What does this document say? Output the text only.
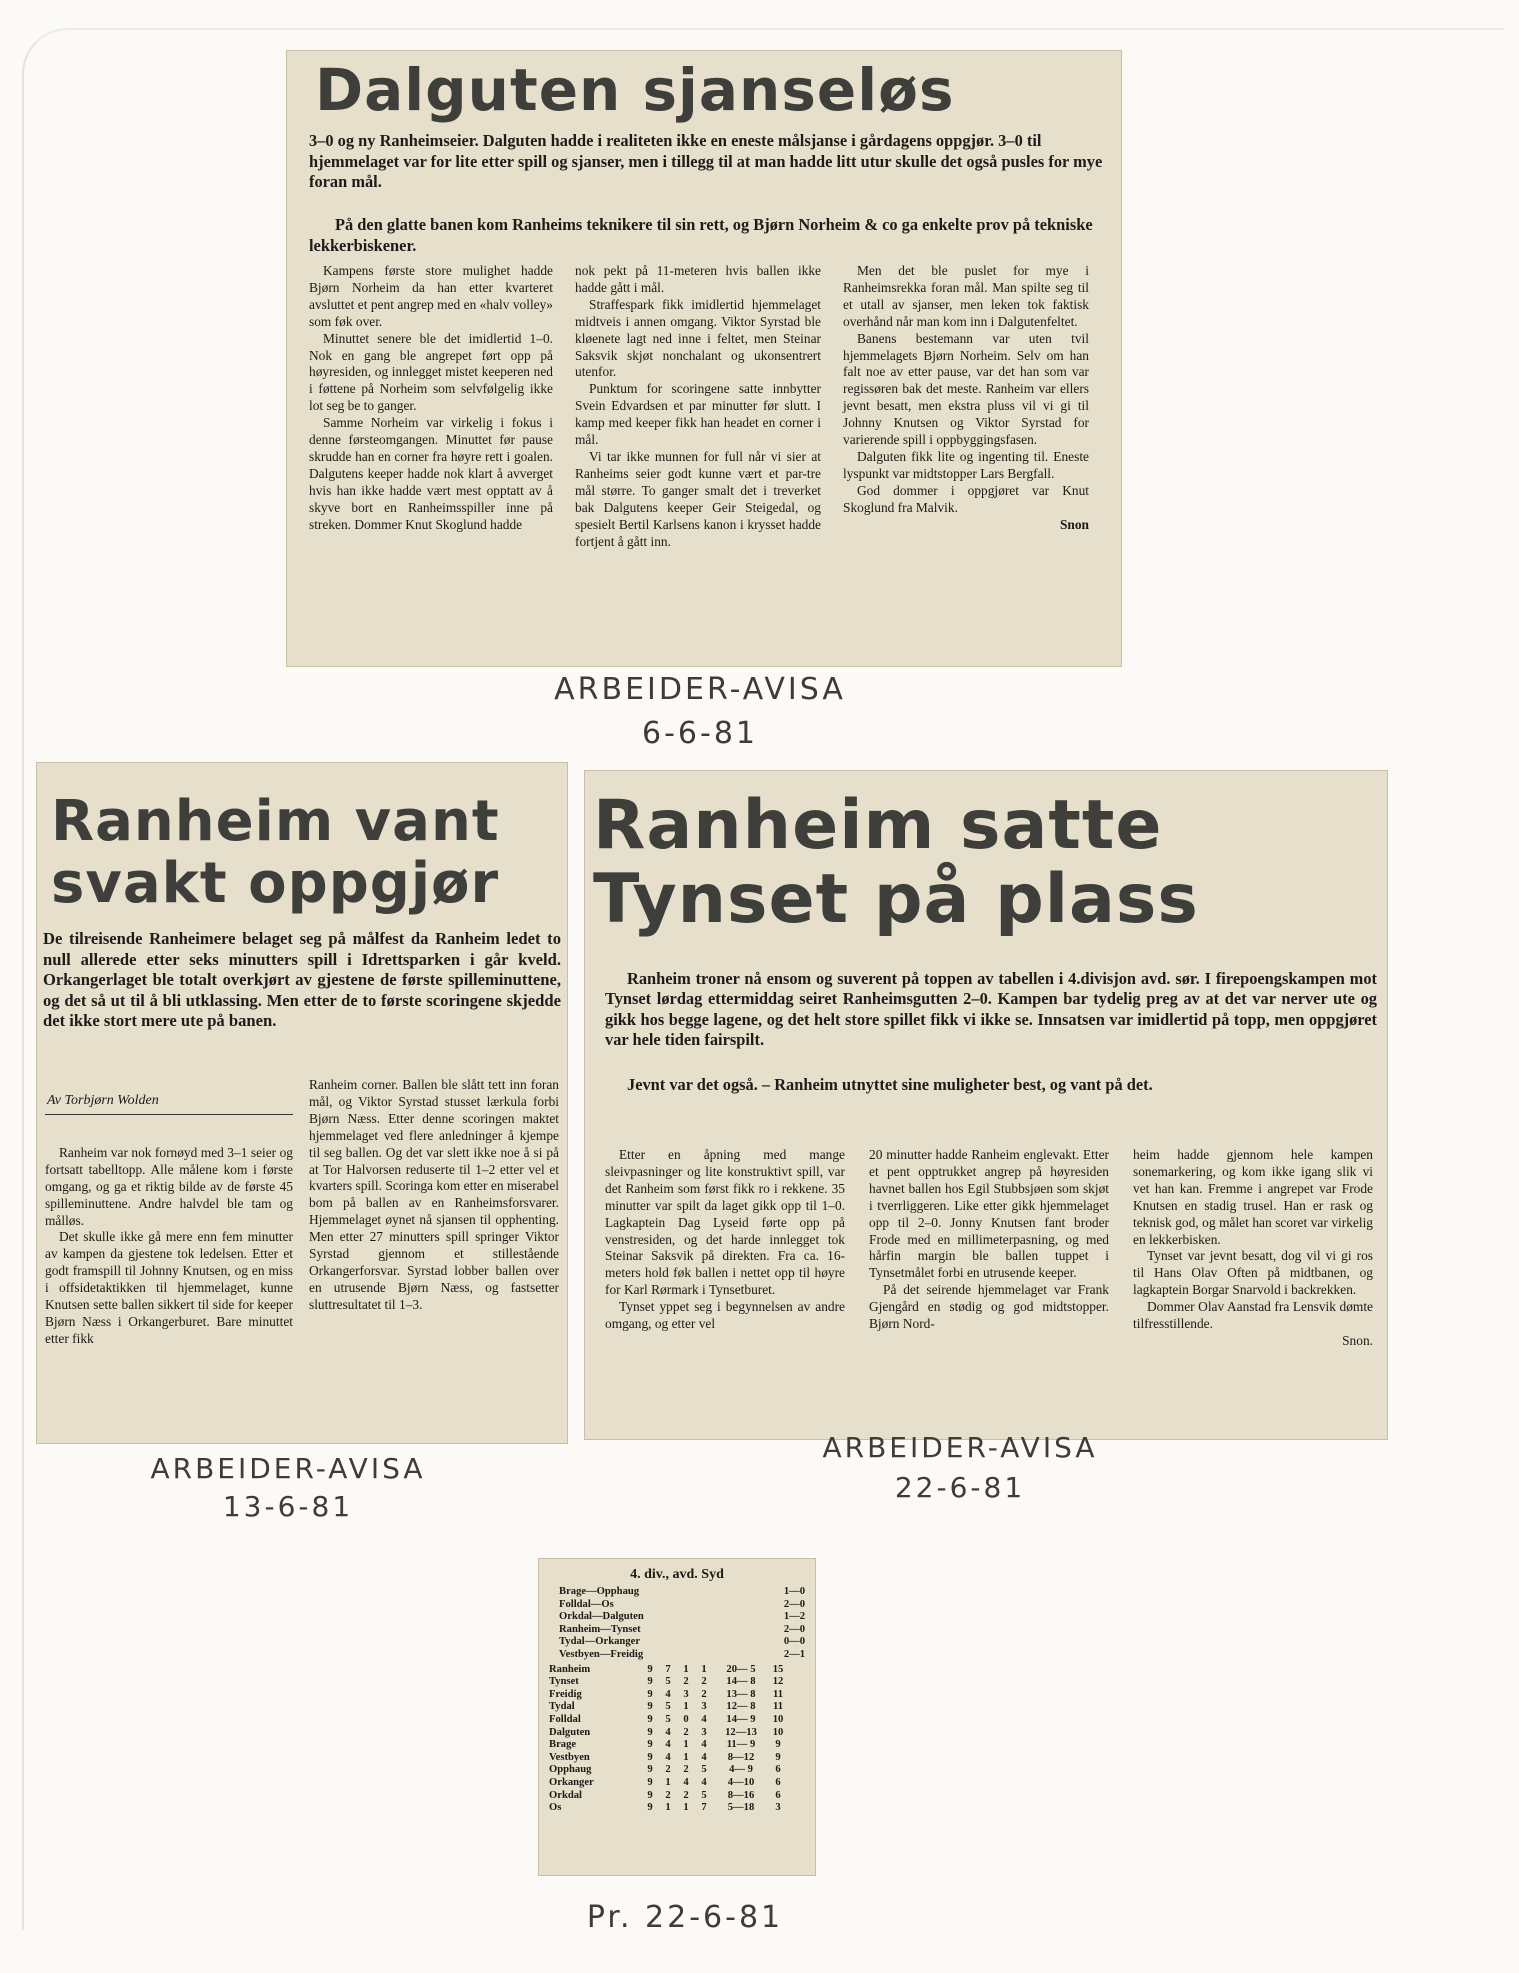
Dalguten sjanseløs

3–0 og ny Ranheimseier. Dalguten hadde i realiteten ikke en eneste målsjanse i gårdagens oppgjør. 3–0 til hjemmelaget var for lite etter spill og sjanser, men i tillegg til at man hadde litt utur skulle det også pusles for mye foran mål.

På den glatte banen kom Ranheims teknikere til sin rett, og Bjørn Norheim & co ga enkelte prov på tekniske lekkerbiskener.

Kampens første store mulighet hadde Bjørn Norheim da han etter kvarteret avsluttet et pent angrep med en «halv volley» som føk over.

Minuttet senere ble det imidlertid 1–0. Nok en gang ble angrepet ført opp på høyresiden, og innlegget mistet keeperen ned i føttene på Norheim som selvfølgelig ikke lot seg be to ganger.

Samme Norheim var virkelig i fokus i denne førsteomgangen. Minuttet før pause skrudde han en corner fra høyre rett i goalen. Dalgutens keeper hadde nok klart å avverget hvis han ikke hadde vært mest opptatt av å skyve bort en Ranheimsspiller inne på streken. Dommer Knut Skoglund hadde

nok pekt på 11-meteren hvis ballen ikke hadde gått i mål.

Straffespark fikk imidlertid hjemmelaget midtveis i annen omgang. Viktor Syrstad ble kløenete lagt ned inne i feltet, men Steinar Saksvik skjøt nonchalant og ukonsentrert utenfor.

Punktum for scoringene satte innbytter Svein Edvardsen et par minutter før slutt. I kamp med keeper fikk han headet en corner i mål.

Vi tar ikke munnen for full når vi sier at Ranheims seier godt kunne vært et par-tre mål større. To ganger smalt det i treverket bak Dalgutens keeper Geir Steigedal, og spesielt Bertil Karlsens kanon i krysset hadde fortjent å gått inn.

Men det ble puslet for mye i Ranheimsrekka foran mål. Man spilte seg til et utall av sjanser, men leken tok faktisk overhånd når man kom inn i Dalgutenfeltet.

Banens bestemann var uten tvil hjemmelagets Bjørn Norheim. Selv om han falt noe av etter pause, var det han som var regissøren bak det meste. Ranheim var ellers jevnt besatt, men ekstra pluss vil vi gi til Johnny Knutsen og Viktor Syrstad for varierende spill i oppbyggingsfasen.

Dalguten fikk lite og ingenting til. Eneste lyspunkt var midtstopper Lars Bergfall.

God dommer i oppgjøret var Knut Skoglund fra Malvik.

Snon
ARBEIDER-AVISA
6-6-81
Ranheim vant
svakt oppgjør

De tilreisende Ranheimere belaget seg på målfest da Ranheim ledet to null allerede etter seks minutters spill i Idrettsparken i går kveld. Orkangerlaget ble totalt overkjørt av gjestene de første spilleminuttene, og det så ut til å bli utklassing. Men etter de to første scoringene skjedde det ikke stort mere ute på banen.

Av Torbjørn Wolden

Ranheim var nok fornøyd med 3–1 seier og fortsatt tabelltopp. Alle målene kom i første omgang, og ga et riktig bilde av de første 45 spilleminuttene. Andre halvdel ble tam og målløs.

Det skulle ikke gå mere enn fem minutter av kampen da gjestene tok ledelsen. Etter et godt framspill til Johnny Knutsen, og en miss i offsidetaktikken til hjemmelaget, kunne Knutsen sette ballen sikkert til side for keeper Bjørn Næss i Orkangerburet. Bare minuttet etter fikk

Ranheim corner. Ballen ble slått tett inn foran mål, og Viktor Syrstad stusset lærkula forbi Bjørn Næss. Etter denne scoringen maktet hjemmelaget ved flere anledninger å kjempe til seg ballen. Og det var slett ikke noe å si på at Tor Halvorsen reduserte til 1–2 etter vel et kvarters spill. Scoringa kom etter en miserabel bom på ballen av en Ranheimsforsvarer. Hjemmelaget øynet nå sjansen til opphenting. Men etter 27 minutters spill springer Viktor Syrstad gjennom et stillestående Orkangerforsvar. Syrstad lobber ballen over en utrusende Bjørn Næss, og fastsetter sluttresultatet til 1–3.

ARBEIDER-AVISA
13-6-81
Ranheim satte
Tynset på plass

Ranheim troner nå ensom og suverent på toppen av tabellen i 4.divisjon avd. sør. I firepoengskampen mot Tynset lørdag ettermiddag seiret Ranheimsgutten 2–0. Kampen bar tydelig preg av at det var nerver ute og gikk hos begge lagene, og det helt store spillet fikk vi ikke se. Innsatsen var imidlertid på topp, men oppgjøret var hele tiden fairspilt.

Jevnt var det også. – Ranheim utnyttet sine muligheter best, og vant på det.

Etter en åpning med mange sleivpasninger og lite konstruktivt spill, var det Ranheim som først fikk ro i rekkene. 35 minutter var spilt da laget gikk opp til 1–0. Lagkaptein Dag Lyseid førte opp på venstresiden, og det harde innlegget tok Steinar Saksvik på direkten. Fra ca. 16-meters hold føk ballen i nettet opp til høyre for Karl Rørmark i Tynsetburet.

Tynset yppet seg i begynnelsen av andre omgang, og etter vel

20 minutter hadde Ranheim englevakt. Etter et pent opptrukket angrep på høyresiden havnet ballen hos Egil Stubbsjøen som skjøt i tverrliggeren. Like etter gikk hjemmelaget opp til 2–0. Jonny Knutsen fant broder Frode med en millimeterpasning, og med hårfin margin ble ballen tuppet i Tynsetmålet forbi en utrusende keeper.

På det seirende hjemmelaget var Frank Gjengård en stødig og god midtstopper. Bjørn Nord-

heim hadde gjennom hele kampen sonemarkering, og kom ikke igang slik vi vet han kan. Fremme i angrepet var Frode Knutsen en stadig trusel. Han er rask og teknisk god, og målet han scoret var virkelig en lekkerbisken.

Tynset var jevnt besatt, dog vil vi gi ros til Hans Olav Often på midtbanen, og lagkaptein Borgar Snarvold i backrekken.

Dommer Olav Aanstad fra Lensvik dømte tilfresstillende.

Snon.
ARBEIDER-AVISA
22-6-81

4. div., avd. Syd

Brage—Opphaug	1—0
Folldal—Os	2—0
Orkdal—Dalguten	1—2
Ranheim—Tynset	2—0
Tydal—Orkanger	0—0
Vestbyen—Freidig	2—1
Ranheim	9	7	1	1	20— 5	15
Tynset	9	5	2	2	14— 8	12
Freidig	9	4	3	2	13— 8	11
Tydal	9	5	1	3	12— 8	11
Folldal	9	5	0	4	14— 9	10
Dalguten	9	4	2	3	12—13	10
Brage	9	4	1	4	11— 9	9
Vestbyen	9	4	1	4	8—12	9
Opphaug	9	2	2	5	4— 9	6
Orkanger	9	1	4	4	4—10	6
Orkdal	9	2	2	5	8—16	6
Os	9	1	1	7	5—18	3
Pr. 22-6-81
